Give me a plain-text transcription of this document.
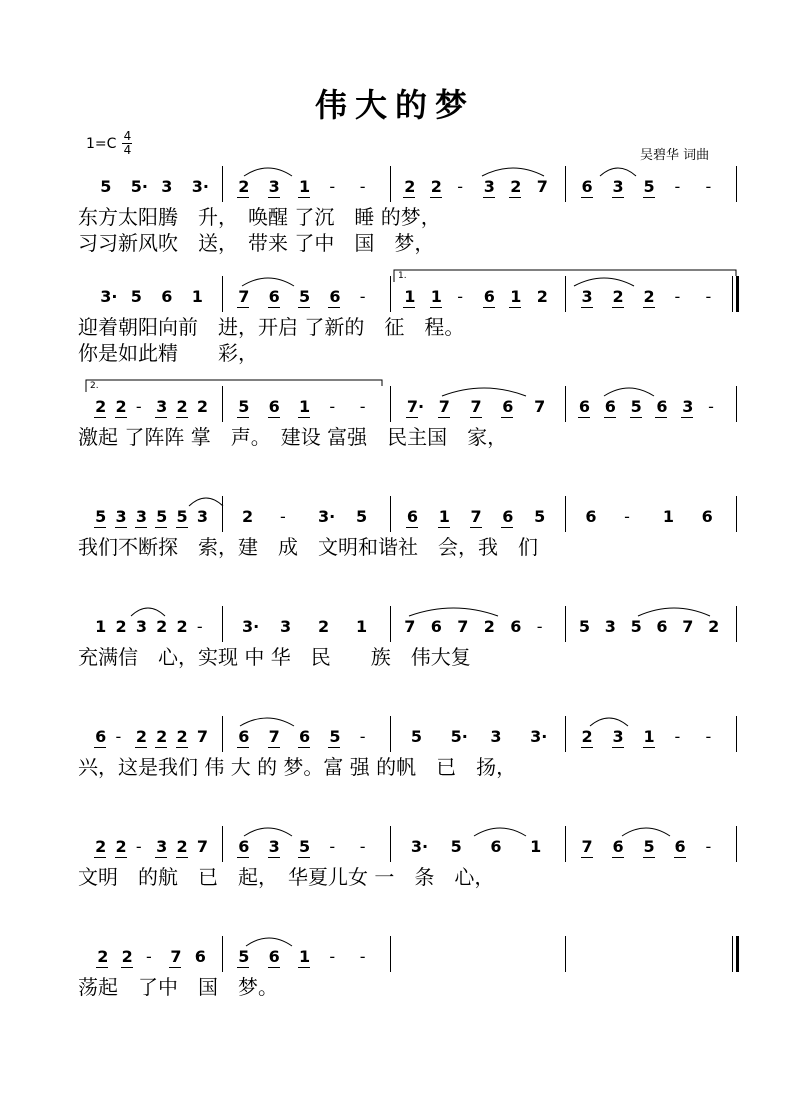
伟大的梦
$1=C \frac{4}{4}$	吴碧华 词曲
5 5· 3 3· 2 3 1 - - 2 2 - 3 2 7 6 3 5 - -
东方太阳腾　升，　唤醒 了沉　睡 的梦，
习习新风吹　送，　带来 了中　国　梦，
3· 5 6 1 7 6 5 6 - 1 1 - 6 1 2 3 2 2 - -
迎着朝阳向前　进，开启 了新的　征　程。
你是如此精　　彩，
2 2 - 3 2 2 5 6 1 - -	7· 7 7 6 7 6 6 5 6 3 -
激起 了阵阵 掌　声。　建设 富强　民主国　家，
5 3 3 5 5 3 2 - 3· 5 6 1 7 6 5	6 - 1 6
我们不断探　索，建　成　文明和谐社　会，我　们
1 2 3 2 2 - 3· 3 2 1 7 6 7 2 6 - 5 3 5 6 7 2
充满信　心，实现 中 华　民　　族　伟大复
6 - 2 2 2 7 6 7 6 5 -	5 5· 3 3· 2 3 1 - -
兴，这是我们 伟 大 的 梦。富 强 的帆　已　扬，
2 2 - 3 2 7 6 3 5 - -	3· 5 6 1	7 6 5 6 -
文明　的航　已　起，　华夏儿女 一　条　心，
2 2 - 7 6 5 6 1 - -
荡起　了中　国　梦。
1.
2.
